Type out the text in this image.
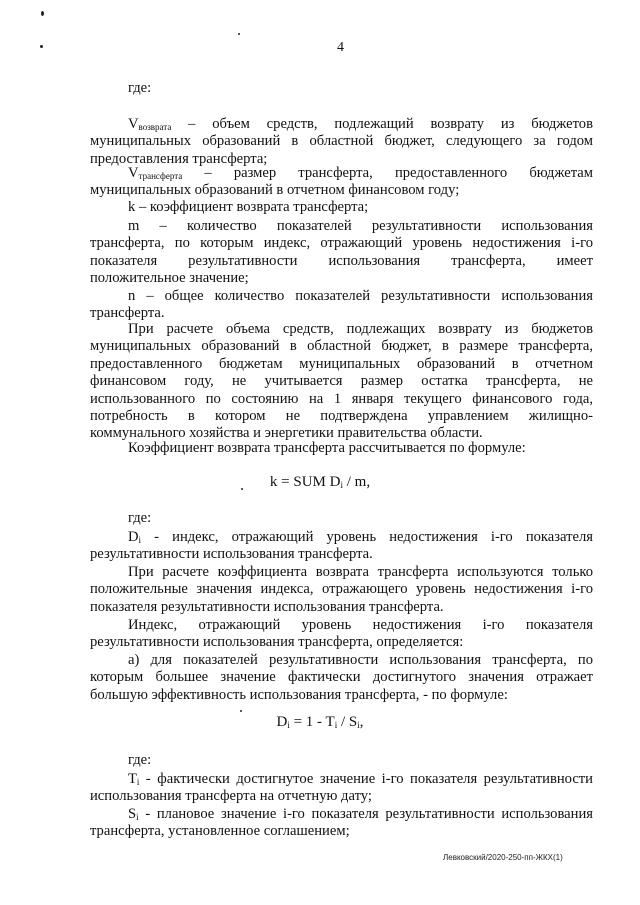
4
где:
$V_{возврата}$ – объем средств, подлежащий возврату из бюджетов
муниципальных образований в областной бюджет, следующего за годом
предоставления трансферта;
$V_{трансферта}$ – размер трансферта, предоставленного бюджетам
муниципальных образований в отчетном финансовом году;
k – коэффициент возврата трансферта;
m – количество показателей результативности использования
трансферта, по которым индекс, отражающий уровень недостижения i-го
показателя результативности использования трансферта, имеет
положительное значение;
n – общее количество показателей результативности использования
трансферта.
При расчете объема средств, подлежащих возврату из бюджетов
муниципальных образований в областной бюджет, в размере трансферта,
предоставленного бюджетам муниципальных образований в отчетном
финансовом году, не учитывается размер остатка трансферта, не
использованного по состоянию на 1 января текущего финансового года,
потребность в котором не подтверждена управлением жилищно-
коммунального хозяйства и энергетики правительства области.
Коэффициент возврата трансферта рассчитывается по формуле:
k = SUM $D_i$ / m,
где:
$D_i$ - индекс, отражающий уровень недостижения i-го показателя
результативности использования трансферта.
При расчете коэффициента возврата трансферта используются только
положительные значения индекса, отражающего уровень недостижения i-го
показателя результативности использования трансферта.
Индекс, отражающий уровень недостижения i-го показателя
результативности использования трансферта, определяется:
а) для показателей результативности использования трансферта, по
которым большее значение фактически достигнутого значения отражает
большую эффективность использования трансферта, - по формуле:
$D_i = 1 - T_i / S_i$,
где:
$T_i$ - фактически достигнутое значение i-го показателя результативности
использования трансферта на отчетную дату;
$S_i$ - плановое значение i-го показателя результативности использования
трансферта, установленное соглашением;
Левковский/2020-250-пп-ЖКХ(1)
